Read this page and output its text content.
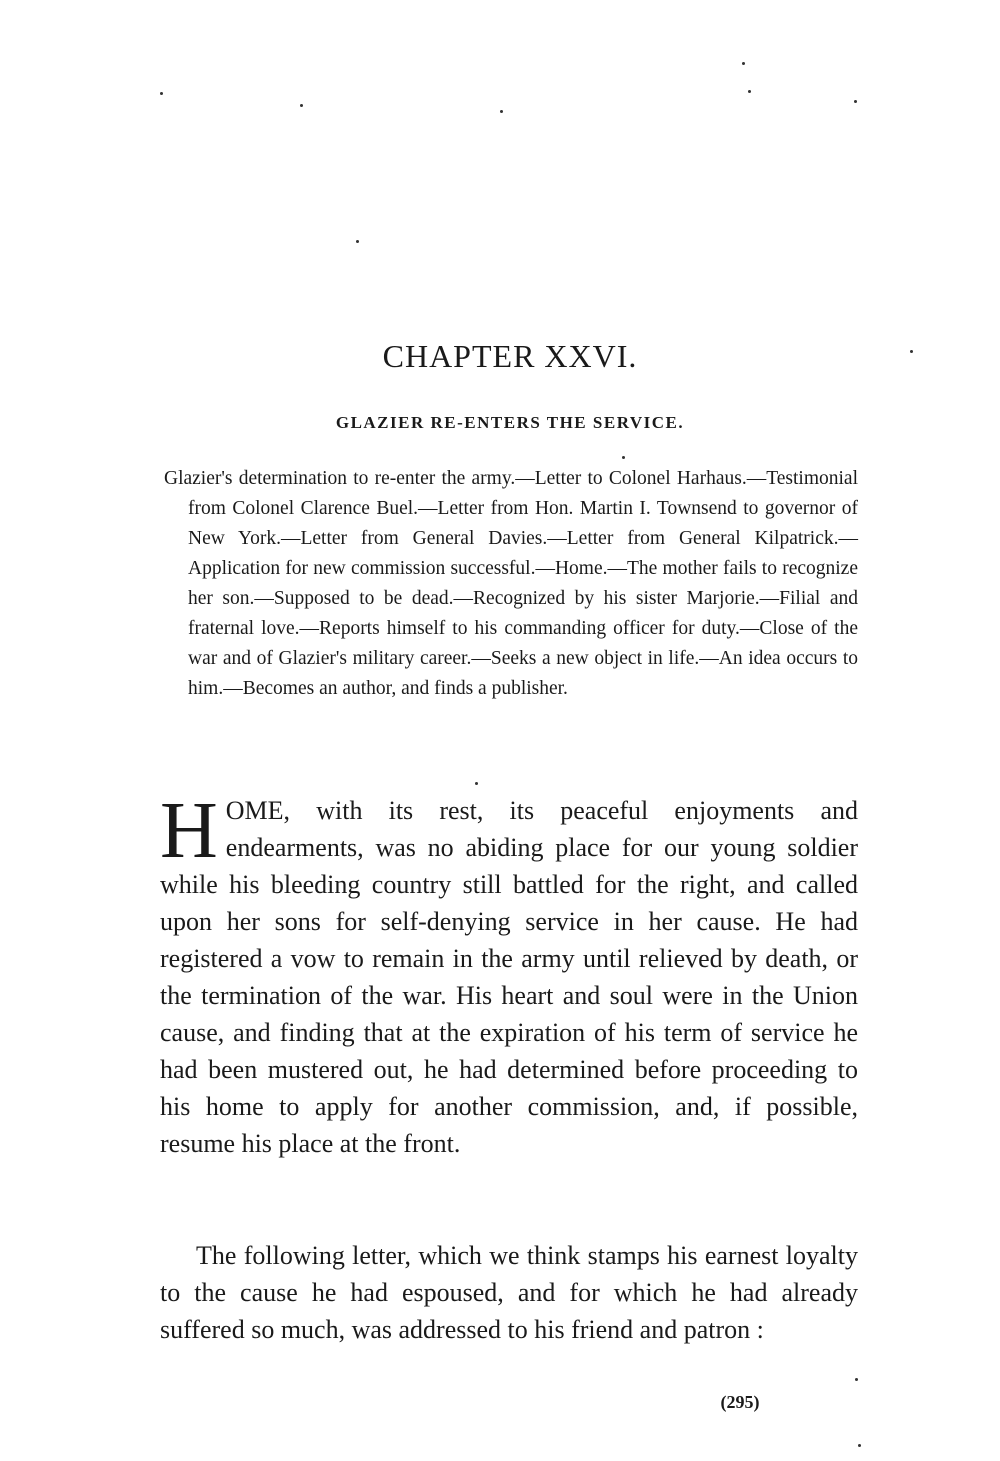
CHAPTER XXVI.
GLAZIER RE-ENTERS THE SERVICE.

Glazier's determination to re-enter the army.—Letter to Colonel Harhaus.—Testimonial from Colonel Clarence Buel.—Letter from Hon. Martin I. Townsend to governor of New York.—Letter from General Davies.—Letter from General Kilpatrick.—Application for new commission successful.—Home.—The mother fails to recognize her son.—Supposed to be dead.—Recognized by his sister Marjorie.—Filial and fraternal love.—Reports himself to his commanding officer for duty.—Close of the war and of Glazier's military career.—Seeks a new object in life.—An idea occurs to him.—Becomes an author, and finds a publisher.

HOME, with its rest, its peaceful enjoyments and endearments, was no abiding place for our young soldier while his bleeding country still battled for the right, and called upon her sons for self-denying service in her cause. He had registered a vow to remain in the army until relieved by death, or the termination of the war. His heart and soul were in the Union cause, and finding that at the expiration of his term of service he had been mustered out, he had determined before proceeding to his home to apply for another commission, and, if possible, resume his place at the front.

The following letter, which we think stamps his earnest loyalty to the cause he had espoused, and for which he had already suffered so much, was addressed to his friend and patron :

(295)
